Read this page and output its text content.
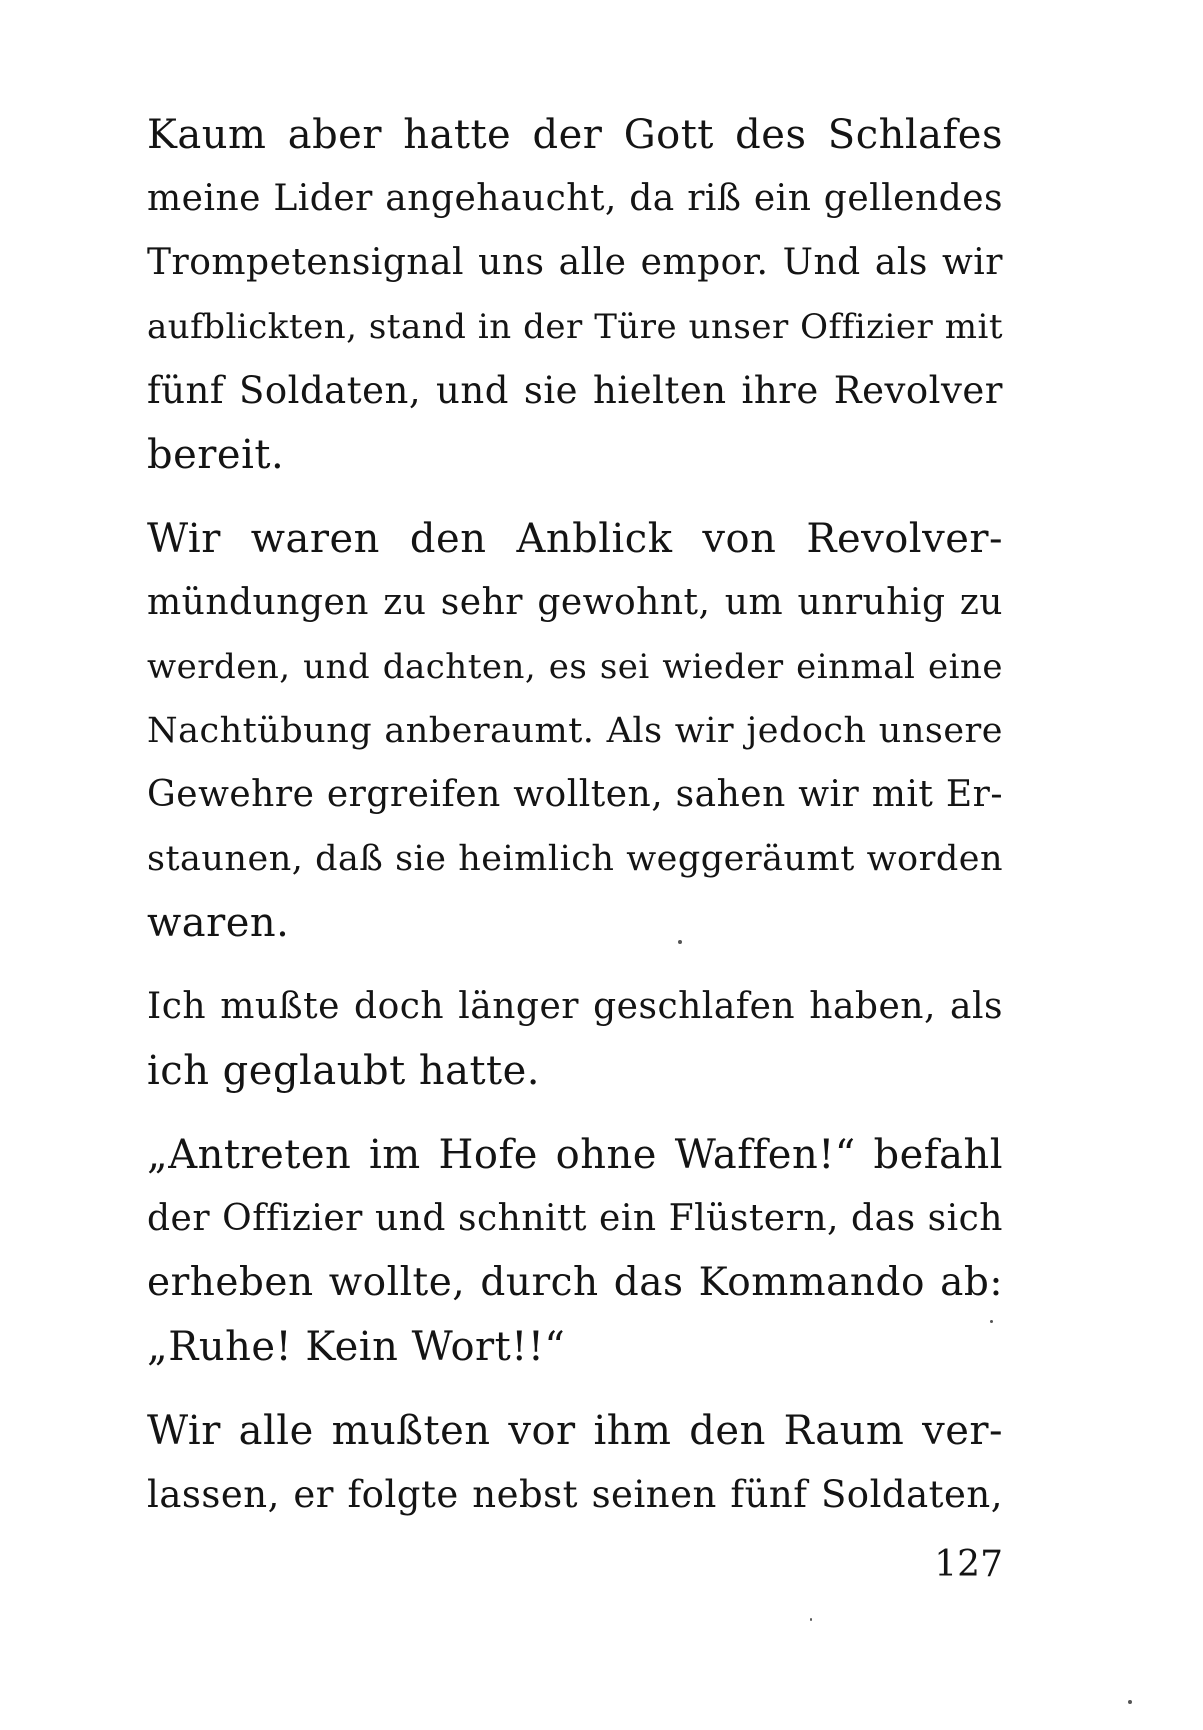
Kaum aber hatte der Gott des Schlafes
meine Lider angehaucht, da riß ein gellendes
Trompetensignal uns alle empor. Und als wir
aufblickten, stand in der Türe unser Offizier mit
fünf Soldaten, und sie hielten ihre Revolver
bereit.
Wir waren den Anblick von Revolver-
mündungen zu sehr gewohnt, um unruhig zu
werden, und dachten, es sei wieder einmal eine
Nachtübung anberaumt. Als wir jedoch unsere
Gewehre ergreifen wollten, sahen wir mit Er-
staunen, daß sie heimlich weggeräumt worden
waren.
Ich mußte doch länger geschlafen haben, als
ich geglaubt hatte.
„Antreten im Hofe ohne Waffen!“ befahl
der Offizier und schnitt ein Flüstern, das sich
erheben wollte, durch das Kommando ab:
„Ruhe! Kein Wort!!“
Wir alle mußten vor ihm den Raum ver-
lassen, er folgte nebst seinen fünf Soldaten,
127
